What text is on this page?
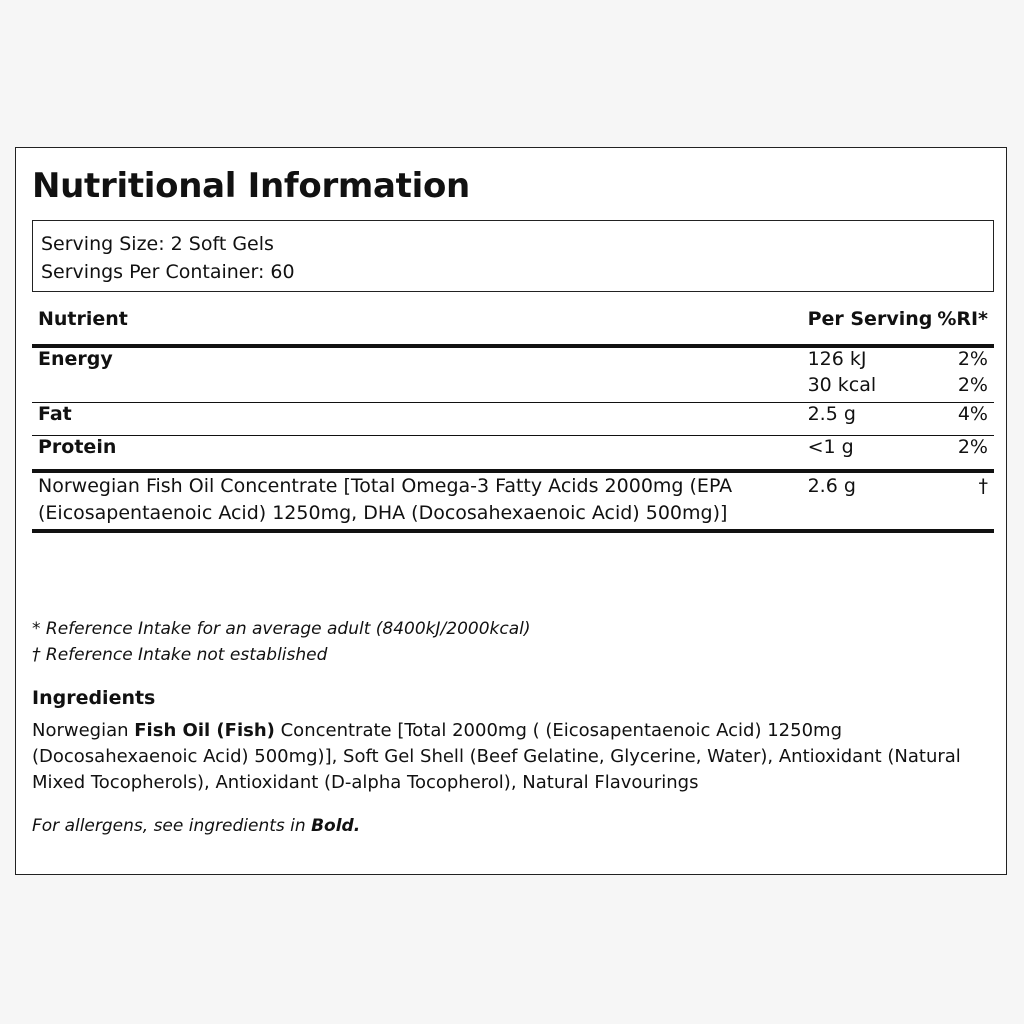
Nutritional Information
Serving Size: 2 Soft Gels
Servings Per Container: 60
Nutrient	Per Serving	%RI*
Energy	126 kJ	2%
	30 kcal	2%
Fat	2.5 g	4%
Protein	<1 g	2%
Norwegian Fish Oil Concentrate [Total Omega-3 Fatty Acids 2000mg (EPA (Eicosapentaenoic Acid) 1250mg, DHA (Docosahexaenoic Acid) 500mg)]	2.6 g	†
* Reference Intake for an average adult (8400kJ/2000kcal)
† Reference Intake not established
Ingredients
Norwegian Fish Oil (Fish) Concentrate [Total 2000mg ( (Eicosapentaenoic Acid) 1250mg (Docosahexaenoic Acid) 500mg)], Soft Gel Shell (Beef Gelatine, Glycerine, Water), Antioxidant (Natural Mixed Tocopherols), Antioxidant (D-alpha Tocopherol), Natural Flavourings
For allergens, see ingredients in Bold.
